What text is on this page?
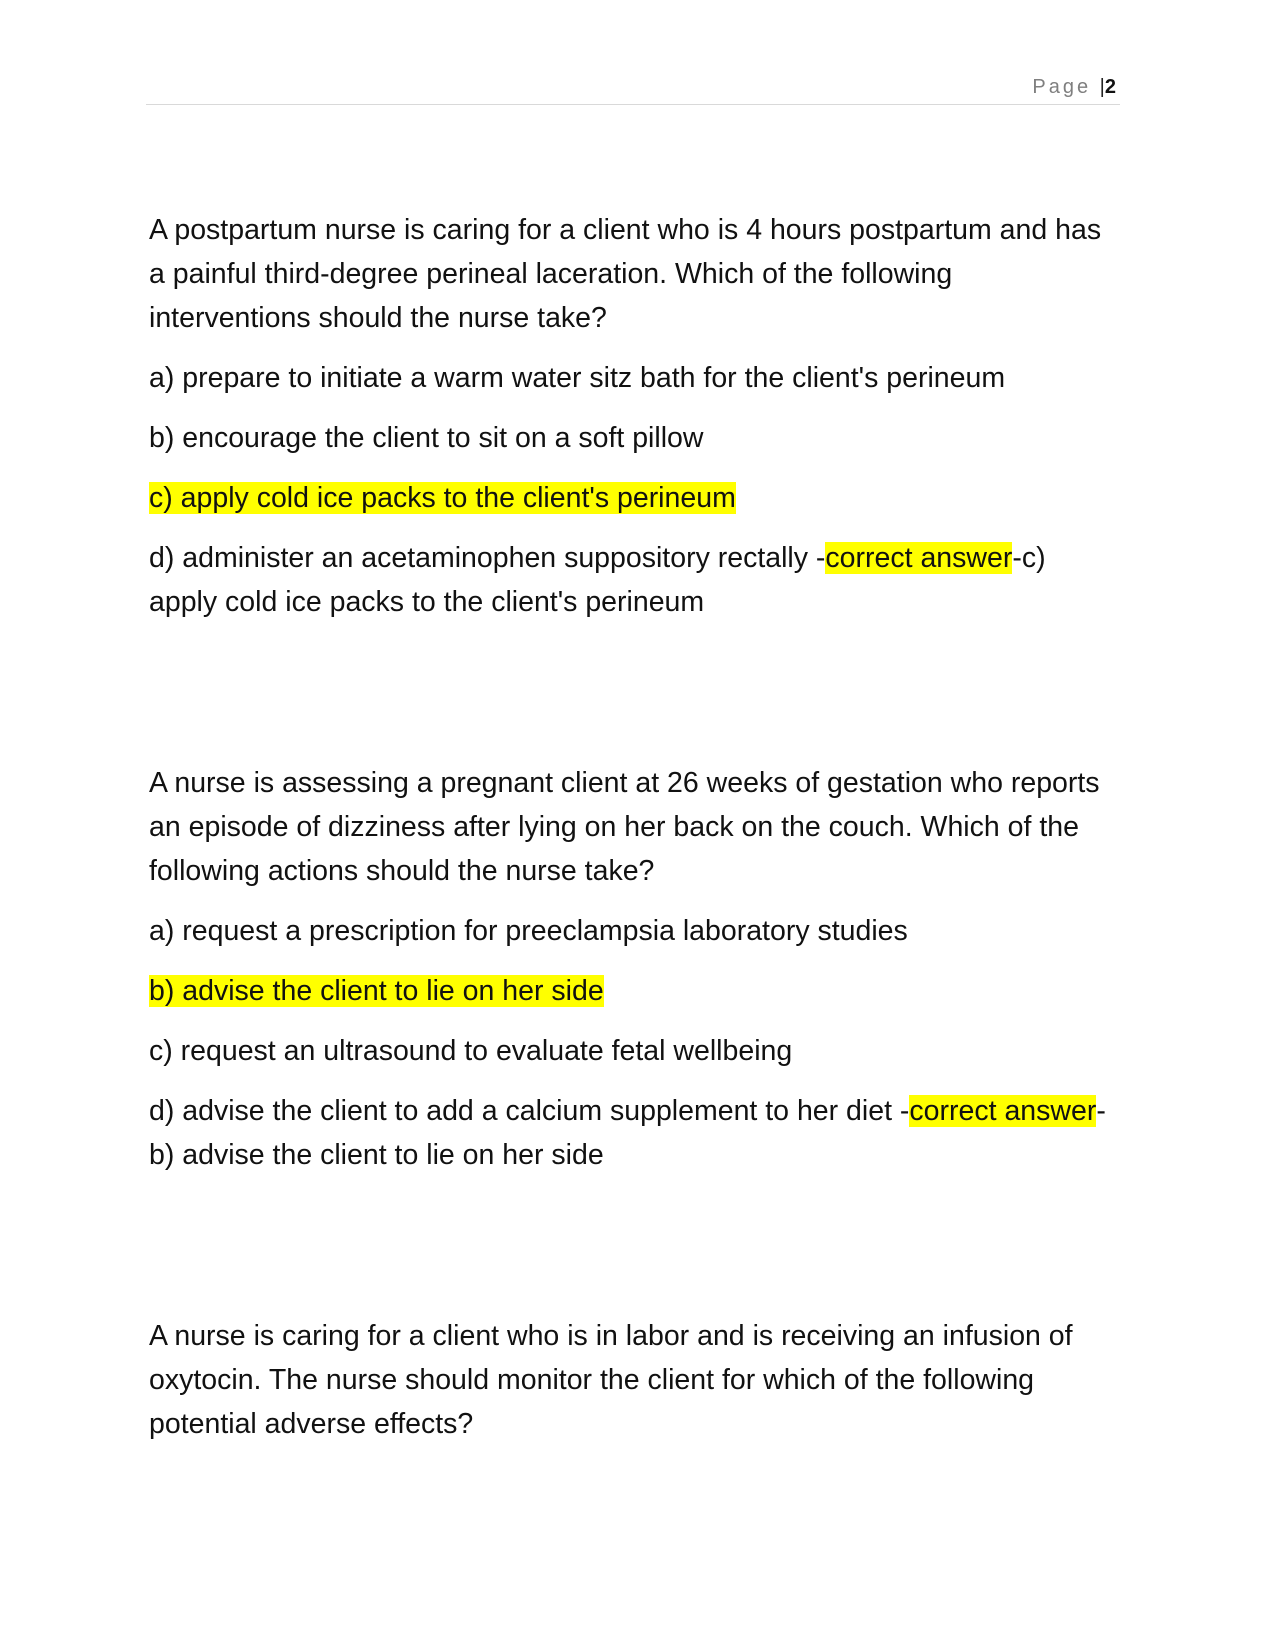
Page |2

A postpartum nurse is caring for a client who is 4 hours postpartum and has a painful third-degree perineal laceration. Which of the following interventions should the nurse take?

a) prepare to initiate a warm water sitz bath for the client's perineum

b) encourage the client to sit on a soft pillow

c) apply cold ice packs to the client's perineum

d) administer an acetaminophen suppository rectally -correct answer-c) apply cold ice packs to the client's perineum

A nurse is assessing a pregnant client at 26 weeks of gestation who reports an episode of dizziness after lying on her back on the couch. Which of the following actions should the nurse take?

a) request a prescription for preeclampsia laboratory studies

b) advise the client to lie on her side

c) request an ultrasound to evaluate fetal wellbeing

d) advise the client to add a calcium supplement to her diet -correct answer-b) advise the client to lie on her side

A nurse is caring for a client who is in labor and is receiving an infusion of oxytocin. The nurse should monitor the client for which of the following potential adverse effects?
